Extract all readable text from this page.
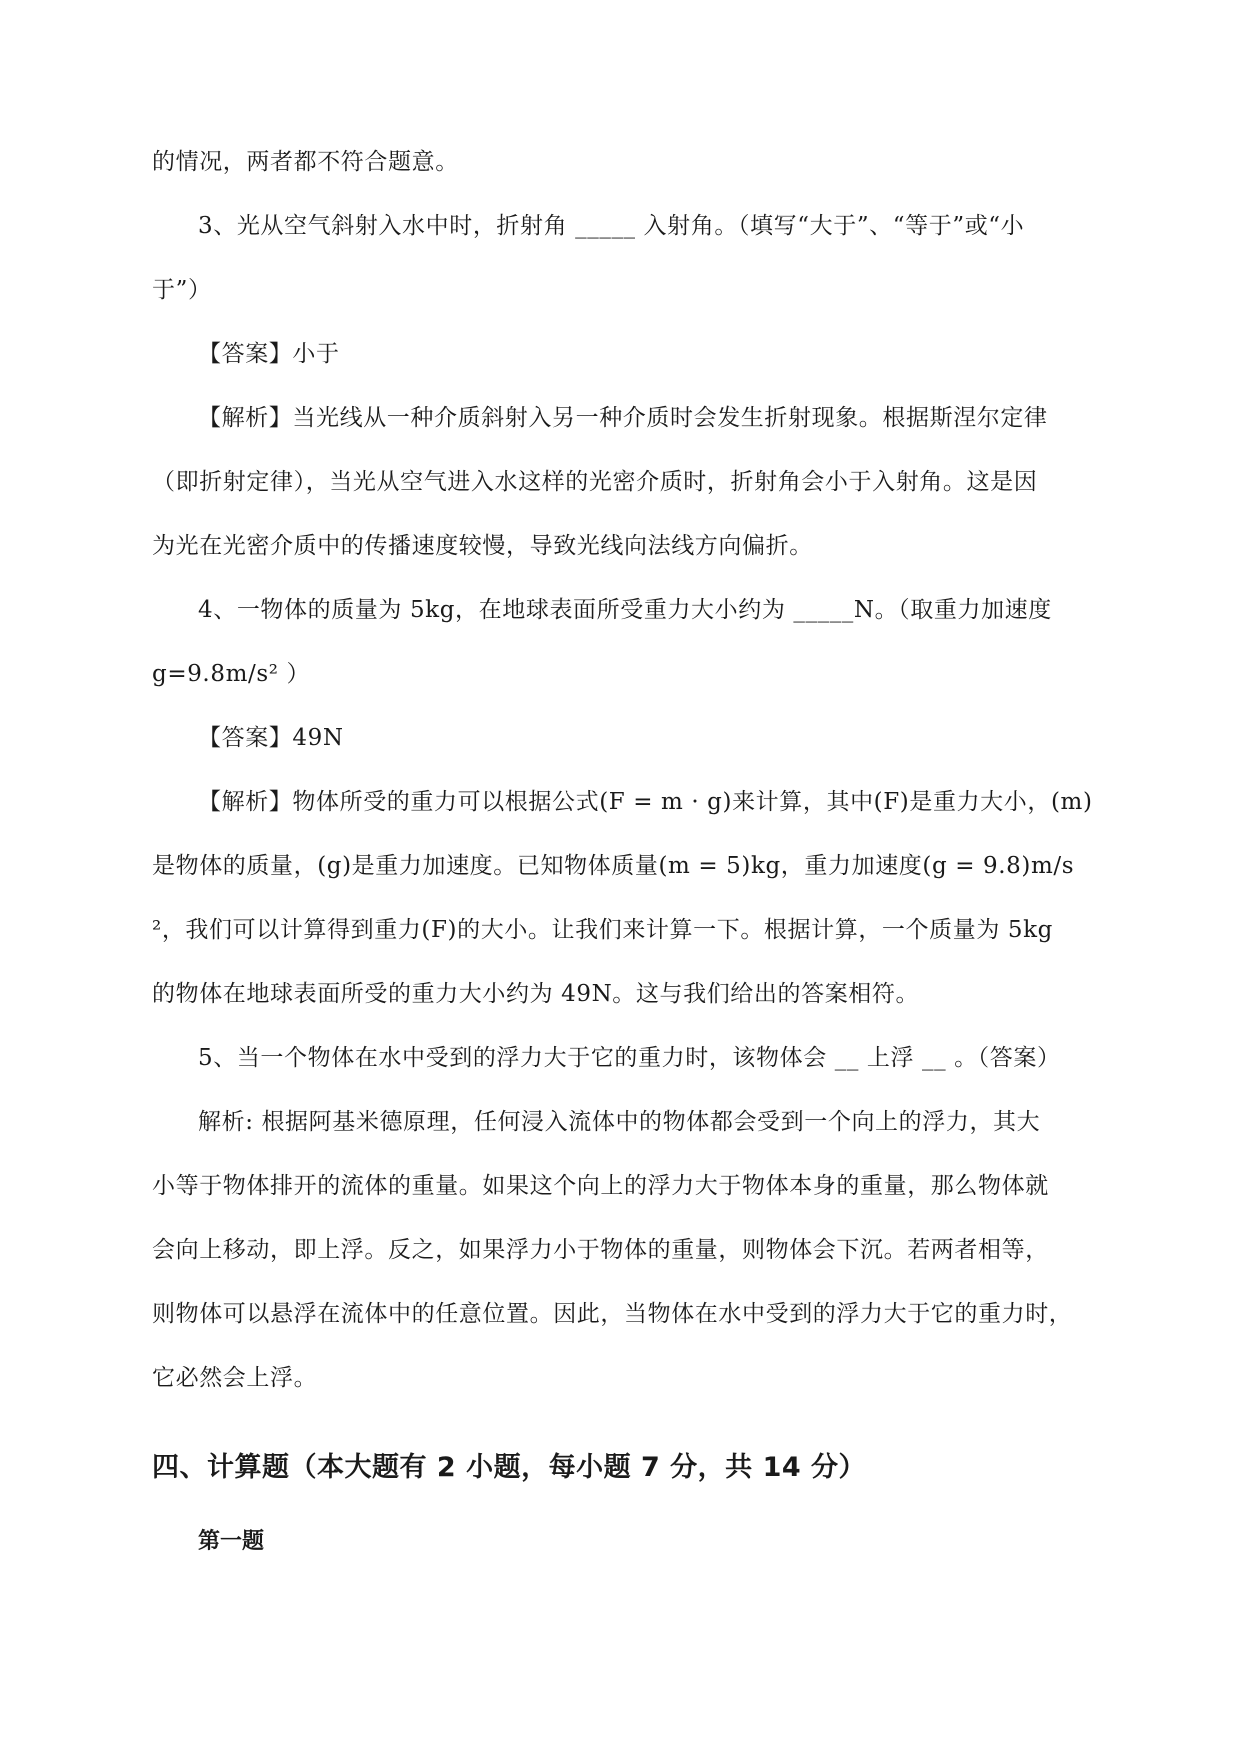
的情况，两者都不符合题意。
3、光从空气斜射入水中时，折射角 _____ 入射角。（填写“大于”、“等于”或“小
于”）
【答案】小于
【解析】当光线从一种介质斜射入另一种介质时会发生折射现象。根据斯涅尔定律
（即折射定律），当光从空气进入水这样的光密介质时，折射角会小于入射角。这是因
为光在光密介质中的传播速度较慢，导致光线向法线方向偏折。
4、一物体的质量为 5kg，在地球表面所受重力大小约为 _____N。（取重力加速度
g=9.8m/s² ）
【答案】49N
【解析】物体所受的重力可以根据公式(F = m · g)来计算，其中(F)是重力大小，(m)
是物体的质量，(g)是重力加速度。已知物体质量(m = 5)kg，重力加速度(g = 9.8)m/s
²，我们可以计算得到重力(F)的大小。让我们来计算一下。根据计算，一个质量为 5kg
的物体在地球表面所受的重力大小约为 49N。这与我们给出的答案相符。
5、当一个物体在水中受到的浮力大于它的重力时，该物体会 __ 上浮 __ 。（答案）
解析: 根据阿基米德原理，任何浸入流体中的物体都会受到一个向上的浮力，其大
小等于物体排开的流体的重量。如果这个向上的浮力大于物体本身的重量，那么物体就
会向上移动，即上浮。反之，如果浮力小于物体的重量，则物体会下沉。若两者相等，
则物体可以悬浮在流体中的任意位置。因此，当物体在水中受到的浮力大于它的重力时，
它必然会上浮。
四、计算题（本大题有 2 小题，每小题 7 分，共 14 分）
第一题
